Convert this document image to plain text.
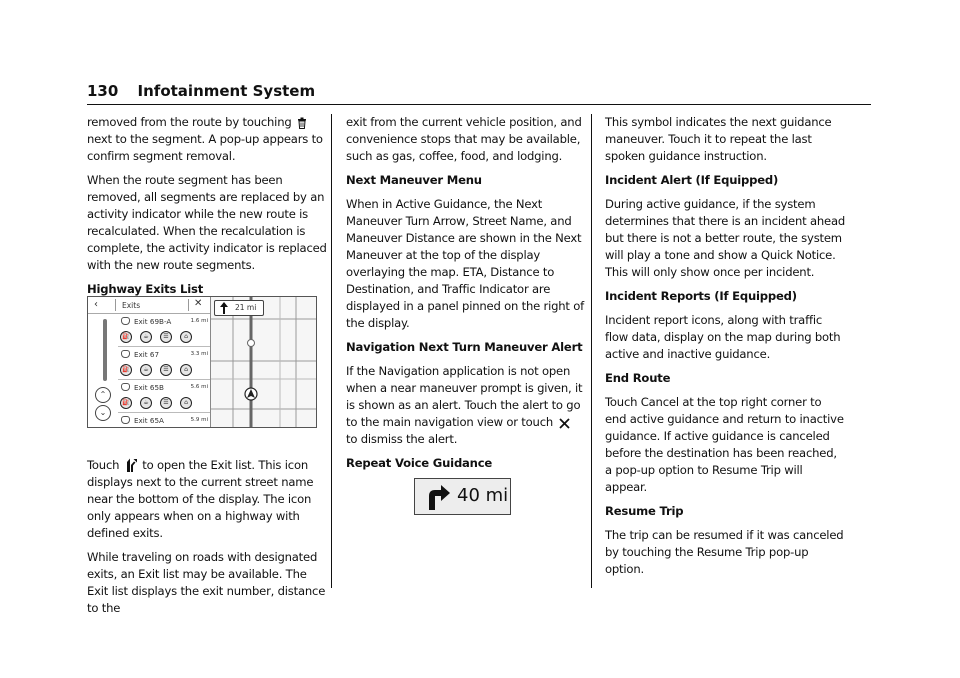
130 Infotainment System

removed from the route by touching  next to the segment. A pop-up appears to confirm segment removal.

When the route segment has been removed, all segments are replaced by an activity indicator while the new route is recalculated. When the recalculation is complete, the activity indicator is replaced with the new route segments.

Highway Exits List

Touch to open the Exit list. This icon displays next to the current street name near the bottom of the display. The icon only appears when on a highway with defined exits.

While traveling on roads with designated exits, an Exit list may be available. The Exit list displays the exit number, distance to the

‹	Exits	✕
⌃
⌄
Exit 69B-A	1.6 mi
⛽	☕	☰	⌂
Exit 67	3.3 mi
⛽	☕	☰	⌂
Exit 65B	5.6 mi
⛽	☕	☰	⌂
Exit 65A	5.9 mi
21 mi

exit from the current vehicle position, and convenience stops that may be available, such as gas, coffee, food, and lodging.

Next Maneuver Menu

When in Active Guidance, the Next Maneuver Turn Arrow, Street Name, and Maneuver Distance are shown in the Next Maneuver at the top of the display overlaying the map. ETA, Distance to Destination, and Traffic Indicator are displayed in a panel pinned on the right of the display.

Navigation Next Turn Maneuver Alert

If the Navigation application is not open when a near maneuver prompt is given, it is shown as an alert. Touch the alert to go to the main navigation view or touch  to dismiss the alert.

Repeat Voice Guidance
40 mi

This symbol indicates the next guidance maneuver. Touch it to repeat the last spoken guidance instruction.

Incident Alert (If Equipped)

During active guidance, if the system determines that there is an incident ahead but there is not a better route, the system will play a tone and show a Quick Notice. This will only show once per incident.

Incident Reports (If Equipped)

Incident report icons, along with traffic flow data, display on the map during both active and inactive guidance.

End Route

Touch Cancel at the top right corner to end active guidance and return to inactive guidance. If active guidance is canceled before the destination has been reached, a pop-up option to Resume Trip will appear.

Resume Trip

The trip can be resumed if it was canceled by touching the Resume Trip pop-up option.
